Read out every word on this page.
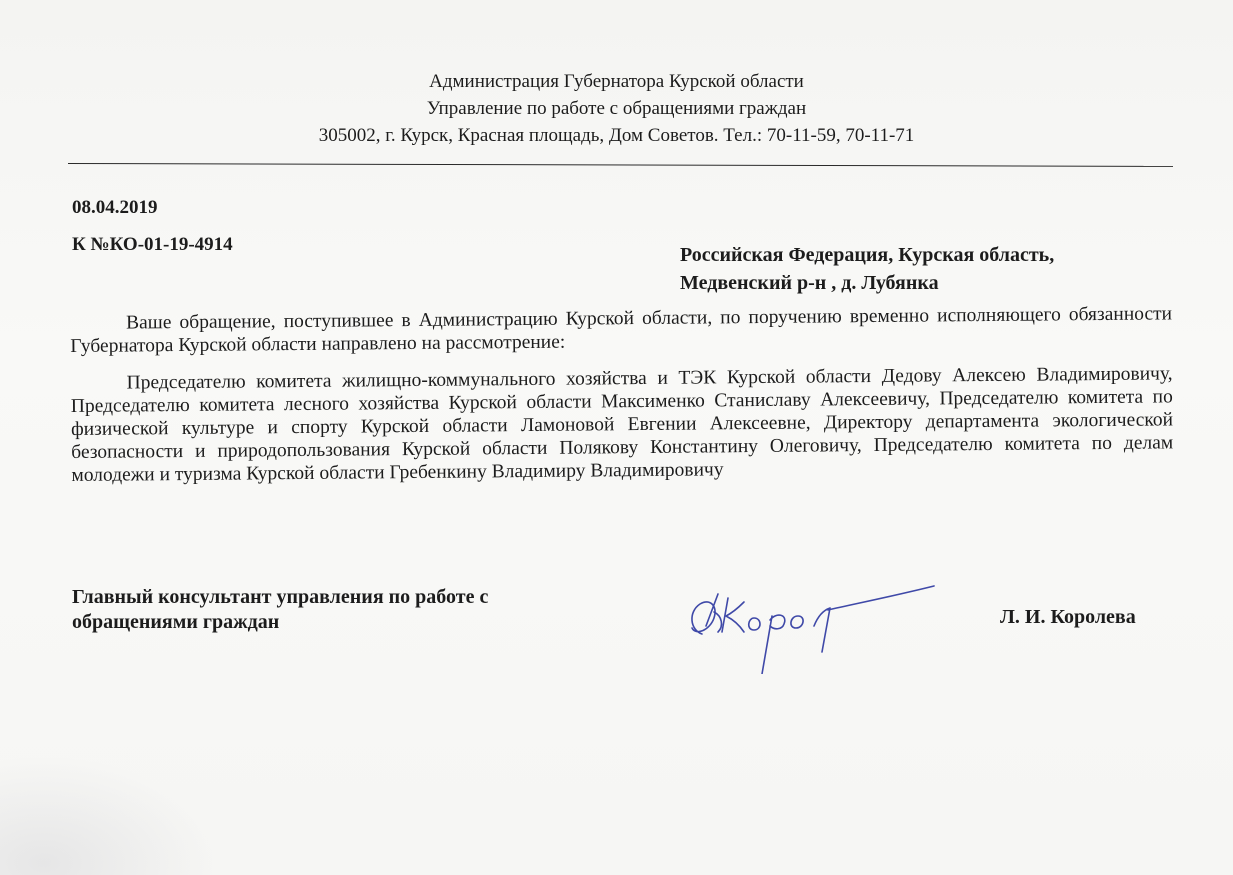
Администрация Губернатора Курской области
Управление по работе с обращениями граждан
305002, г. Курск, Красная площадь, Дом Советов. Тел.: 70-11-59, 70-11-71
08.04.2019
К №КО-01-19-4914	Российская Федерация, Курская область,
Медвенский р-н , д. Лубянка

Ваше обращение, поступившее в Администрацию Курской области, по поручению временно исполняющего обязанности Губернатора Курской области направлено на рассмотрение:

Председателю комитета жилищно-коммунального хозяйства и ТЭК Курской области Дедову Алексею Владимировичу, Председателю комитета лесного хозяйства Курской области Максименко Станиславу Алексеевичу, Председателю комитета по физической культуре и спорту Курской области Ламоновой Евгении Алексеевне, Директору департамента экологической безопасности и природопользования Курской области Полякову Константину Олеговичу, Председателю комитета по делам молодежи и туризма Курской области Гребенкину Владимиру Владимировичу

Главный консультант управления по работе с
обращениями граждан	Л. И. Королева
